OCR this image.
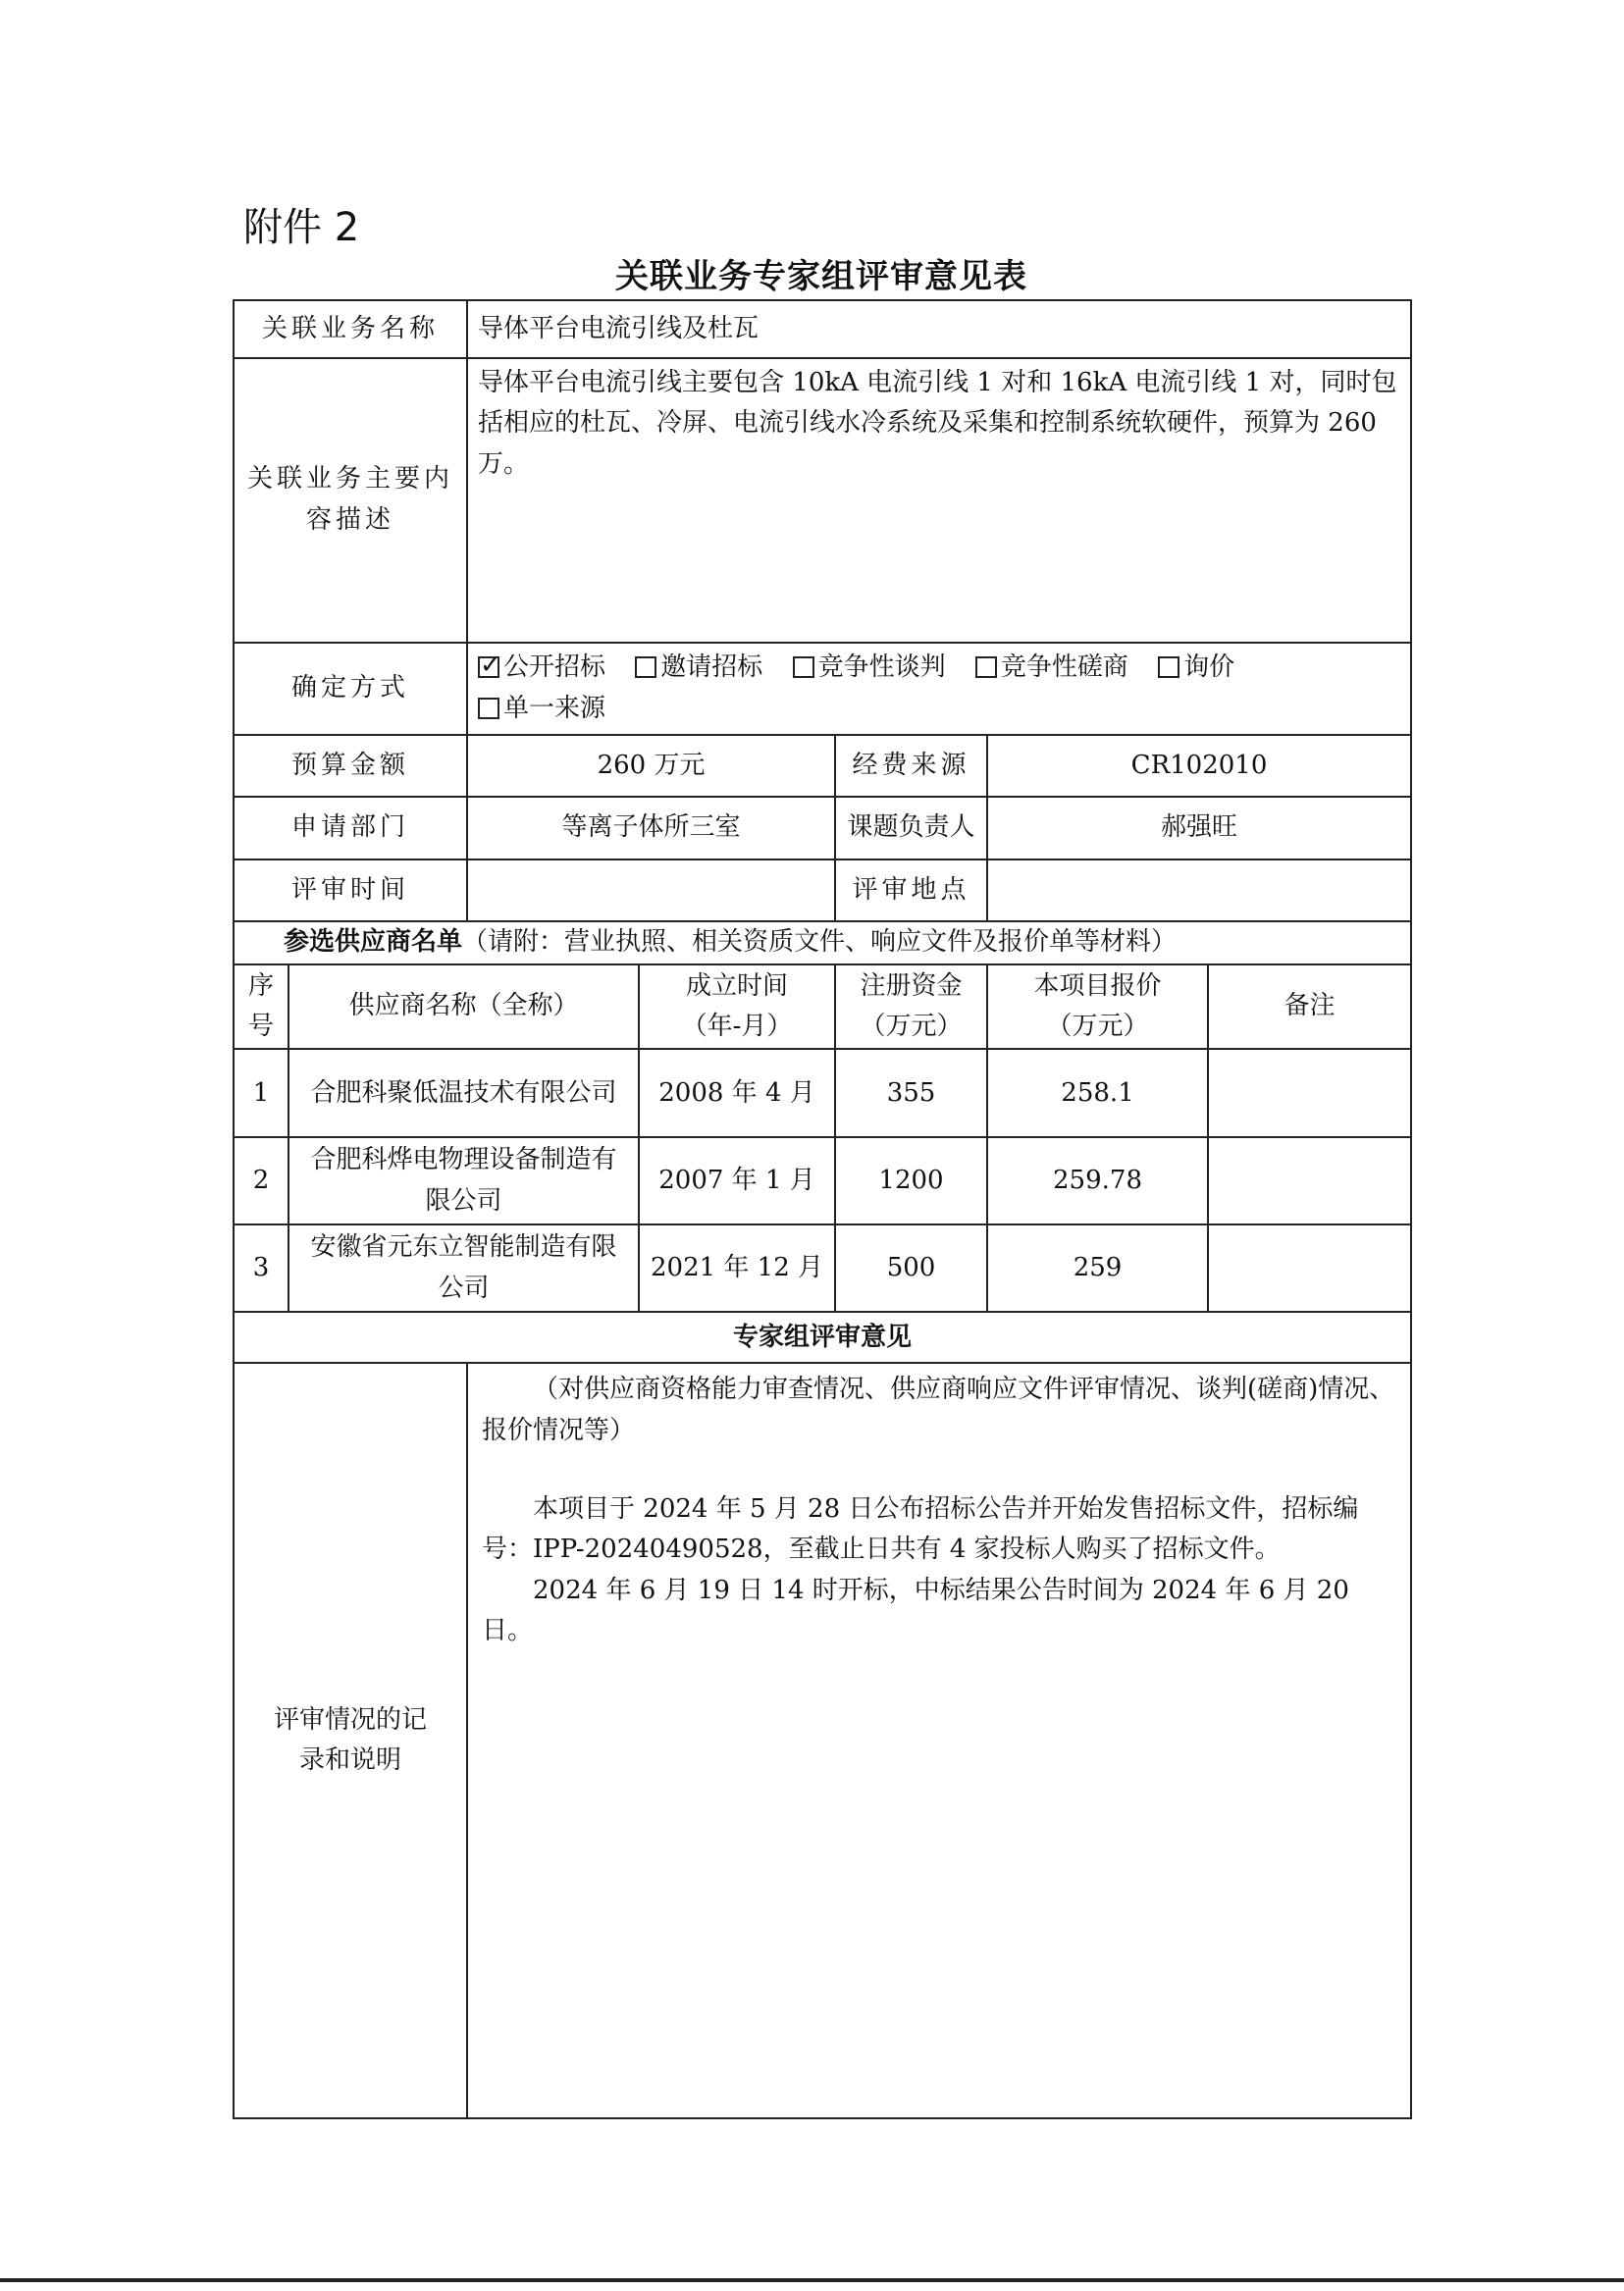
附件 2
关联业务专家组评审意见表
关联业务名称		导体平台电流引线及杜瓦				
关联业务主要内容描述		导体平台电流引线主要包含 10kA 电流引线 1 对和 16kA 电流引线 1 对，同时包括相应的杜瓦、冷屏、电流引线水冷系统及采集和控制系统软硬件，预算为 260 万。				

确定方式	✓公开招标 邀请招标 竞争性谈判 竞争性磋商 询价 单一来源
预算金额		260 万元		经费来源	CR102010	
申请部门		等离子体所三室		课题负责人	郝强旺	
评审时间				评审地点		
参选供应商名单（请附：营业执照、相关资质文件、响应文件及报价单等材料）						
序号	供应商名称（全称）		成立时间（年-月）	注册资金（万元）	本项目报价（万元）	备注
1	合肥科聚低温技术有限公司		2008 年 4 月	355	258.1	
2	合肥科烨电物理设备制造有限公司		2007 年 1 月	1200	259.78	
3	安徽省元东立智能制造有限公司		2021 年 12 月	500	259	
专家组评审意见						
评审情况的记录和说明		（对供应商资格能力审查情况、供应商响应文件评审情况、谈判(磋商)情况、报价情况等）

本项目于 2024 年 5 月 28 日公布招标公告并开始发售招标文件，招标编号：IPP-20240490528，至截止日共有 4 家投标人购买了招标文件。

2024 年 6 月 19 日 14 时开标，中标结果公告时间为 2024 年 6 月 20 日。				
